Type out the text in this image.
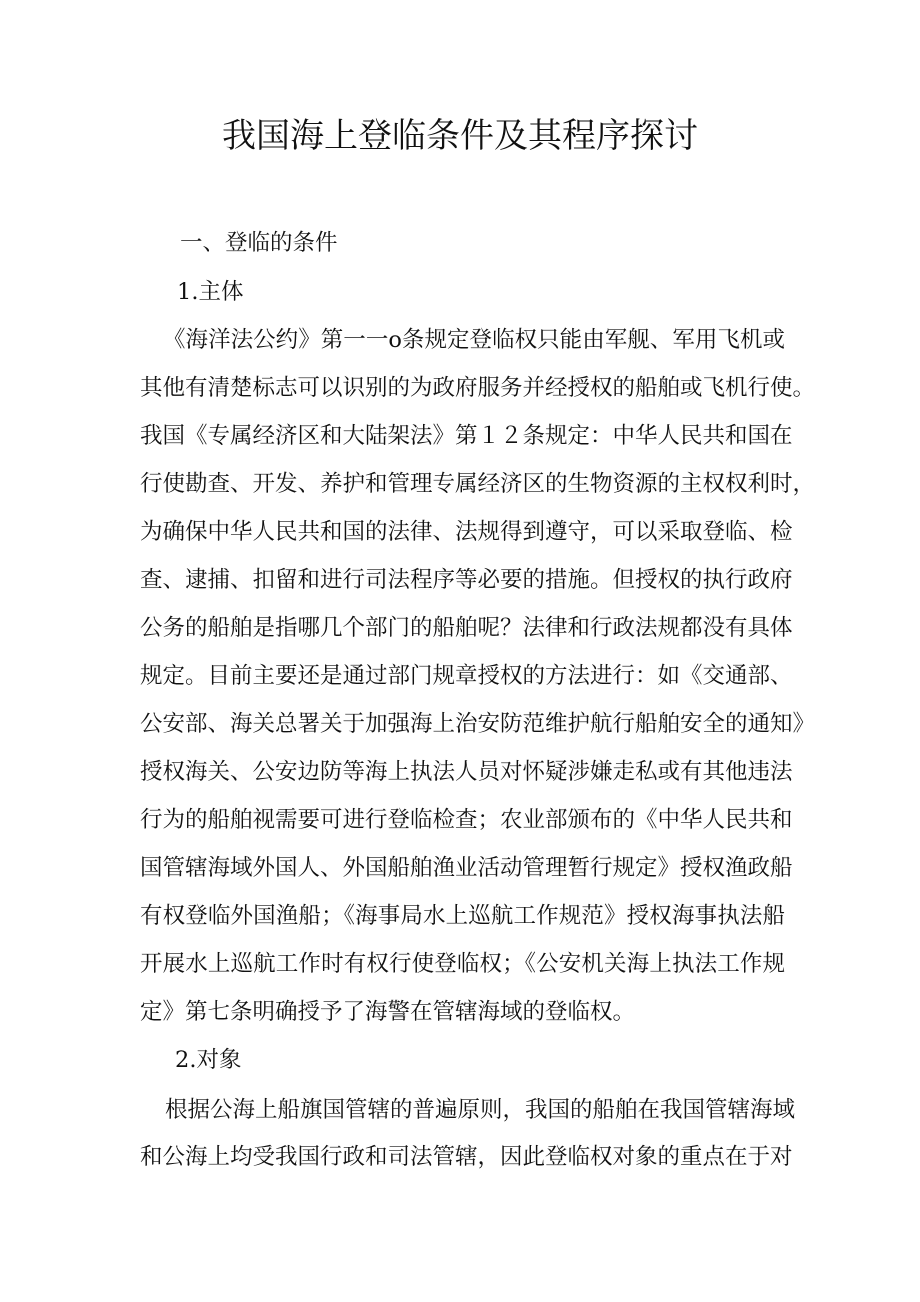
我国海上登临条件及其程序探讨
一、登临的条件
1.主体
《海洋法公约》第一一o条规定登临权只能由军舰、军用飞机或
其他有清楚标志可以识别的为政府服务并经授权的船舶或飞机行使。
我国《专属经济区和大陆架法》第１２条规定：中华人民共和国在
行使勘查、开发、养护和管理专属经济区的生物资源的主权权利时，
为确保中华人民共和国的法律、法规得到遵守，可以采取登临、检
查、逮捕、扣留和进行司法程序等必要的措施。但授权的执行政府
公务的船舶是指哪几个部门的船舶呢？法律和行政法规都没有具体
规定。目前主要还是通过部门规章授权的方法进行：如《交通部、
公安部、海关总署关于加强海上治安防范维护航行船舶安全的通知》
授权海关、公安边防等海上执法人员对怀疑涉嫌走私或有其他违法
行为的船舶视需要可进行登临检查；农业部颁布的《中华人民共和
国管辖海域外国人、外国船舶渔业活动管理暂行规定》授权渔政船
有权登临外国渔船；《海事局水上巡航工作规范》授权海事执法船
开展水上巡航工作时有权行使登临权；《公安机关海上执法工作规
定》第七条明确授予了海警在管辖海域的登临权。
2.对象
根据公海上船旗国管辖的普遍原则，我国的船舶在我国管辖海域
和公海上均受我国行政和司法管辖，因此登临权对象的重点在于对
